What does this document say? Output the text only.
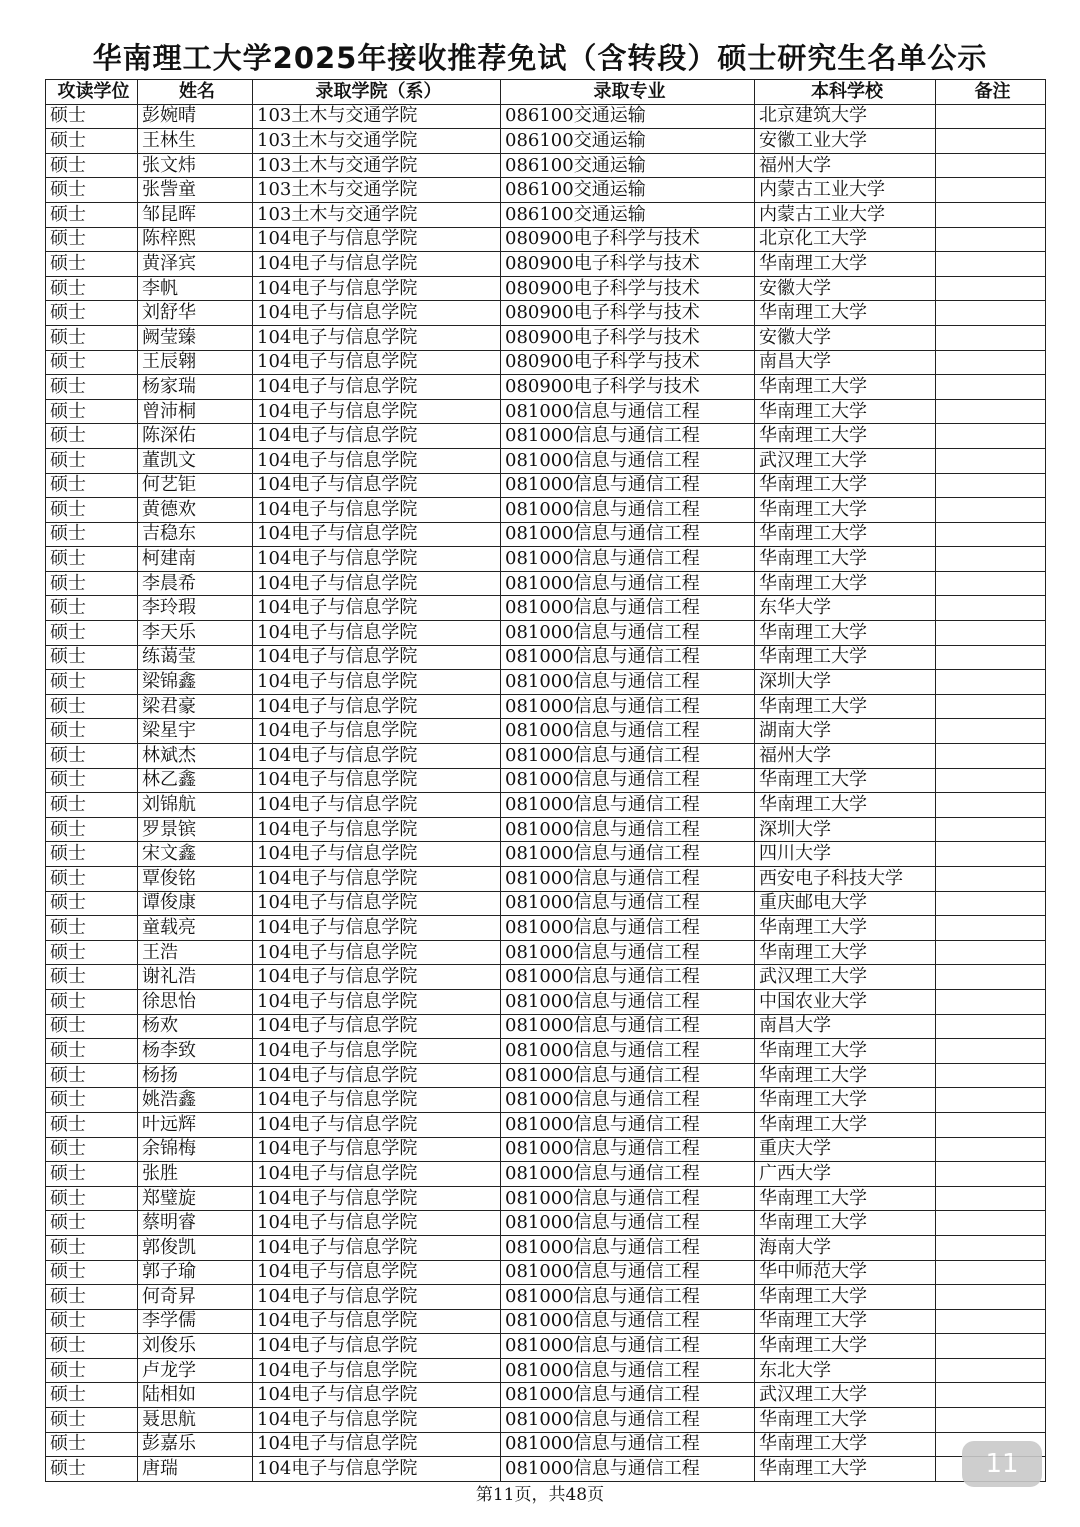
华南理工大学2025年接收推荐免试（含转段）硕士研究生名单公示
攻读学位	姓名	录取学院（系）	录取专业	本科学校	备注
硕士	彭婉晴	103土木与交通学院	086100交通运输	北京建筑大学	
硕士	王林生	103土木与交通学院	086100交通运输	安徽工业大学	
硕士	张文炜	103土木与交通学院	086100交通运输	福州大学	
硕士	张訾童	103土木与交通学院	086100交通运输	内蒙古工业大学	
硕士	邹昆晖	103土木与交通学院	086100交通运输	内蒙古工业大学	
硕士	陈梓熙	104电子与信息学院	080900电子科学与技术	北京化工大学	
硕士	黄泽宾	104电子与信息学院	080900电子科学与技术	华南理工大学	
硕士	李帆	104电子与信息学院	080900电子科学与技术	安徽大学	
硕士	刘舒华	104电子与信息学院	080900电子科学与技术	华南理工大学	
硕士	阙莹臻	104电子与信息学院	080900电子科学与技术	安徽大学	
硕士	王辰翱	104电子与信息学院	080900电子科学与技术	南昌大学	
硕士	杨家瑞	104电子与信息学院	080900电子科学与技术	华南理工大学	
硕士	曾沛桐	104电子与信息学院	081000信息与通信工程	华南理工大学	
硕士	陈深佑	104电子与信息学院	081000信息与通信工程	华南理工大学	
硕士	董凯文	104电子与信息学院	081000信息与通信工程	武汉理工大学	
硕士	何艺钜	104电子与信息学院	081000信息与通信工程	华南理工大学	
硕士	黄德欢	104电子与信息学院	081000信息与通信工程	华南理工大学	
硕士	吉稳东	104电子与信息学院	081000信息与通信工程	华南理工大学	
硕士	柯建南	104电子与信息学院	081000信息与通信工程	华南理工大学	
硕士	李晨希	104电子与信息学院	081000信息与通信工程	华南理工大学	
硕士	李玲瑕	104电子与信息学院	081000信息与通信工程	东华大学	
硕士	李天乐	104电子与信息学院	081000信息与通信工程	华南理工大学	
硕士	练蔼莹	104电子与信息学院	081000信息与通信工程	华南理工大学	
硕士	梁锦鑫	104电子与信息学院	081000信息与通信工程	深圳大学	
硕士	梁君豪	104电子与信息学院	081000信息与通信工程	华南理工大学	
硕士	梁星宇	104电子与信息学院	081000信息与通信工程	湖南大学	
硕士	林斌杰	104电子与信息学院	081000信息与通信工程	福州大学	
硕士	林乙鑫	104电子与信息学院	081000信息与通信工程	华南理工大学	
硕士	刘锦航	104电子与信息学院	081000信息与通信工程	华南理工大学	
硕士	罗景镔	104电子与信息学院	081000信息与通信工程	深圳大学	
硕士	宋文鑫	104电子与信息学院	081000信息与通信工程	四川大学	
硕士	覃俊铭	104电子与信息学院	081000信息与通信工程	西安电子科技大学	
硕士	谭俊康	104电子与信息学院	081000信息与通信工程	重庆邮电大学	
硕士	童载亮	104电子与信息学院	081000信息与通信工程	华南理工大学	
硕士	王浩	104电子与信息学院	081000信息与通信工程	华南理工大学	
硕士	谢礼浩	104电子与信息学院	081000信息与通信工程	武汉理工大学	
硕士	徐思怡	104电子与信息学院	081000信息与通信工程	中国农业大学	
硕士	杨欢	104电子与信息学院	081000信息与通信工程	南昌大学	
硕士	杨李致	104电子与信息学院	081000信息与通信工程	华南理工大学	
硕士	杨扬	104电子与信息学院	081000信息与通信工程	华南理工大学	
硕士	姚浩鑫	104电子与信息学院	081000信息与通信工程	华南理工大学	
硕士	叶远辉	104电子与信息学院	081000信息与通信工程	华南理工大学	
硕士	余锦梅	104电子与信息学院	081000信息与通信工程	重庆大学	
硕士	张胜	104电子与信息学院	081000信息与通信工程	广西大学	
硕士	郑璧旋	104电子与信息学院	081000信息与通信工程	华南理工大学	
硕士	蔡明睿	104电子与信息学院	081000信息与通信工程	华南理工大学	
硕士	郭俊凯	104电子与信息学院	081000信息与通信工程	海南大学	
硕士	郭子瑜	104电子与信息学院	081000信息与通信工程	华中师范大学	
硕士	何奇昇	104电子与信息学院	081000信息与通信工程	华南理工大学	
硕士	李学儒	104电子与信息学院	081000信息与通信工程	华南理工大学	
硕士	刘俊乐	104电子与信息学院	081000信息与通信工程	华南理工大学	
硕士	卢龙学	104电子与信息学院	081000信息与通信工程	东北大学	
硕士	陆相如	104电子与信息学院	081000信息与通信工程	武汉理工大学	
硕士	聂思航	104电子与信息学院	081000信息与通信工程	华南理工大学	
硕士	彭嘉乐	104电子与信息学院	081000信息与通信工程	华南理工大学	
硕士	唐瑞	104电子与信息学院	081000信息与通信工程	华南理工大学	
第11页，共48页
11
